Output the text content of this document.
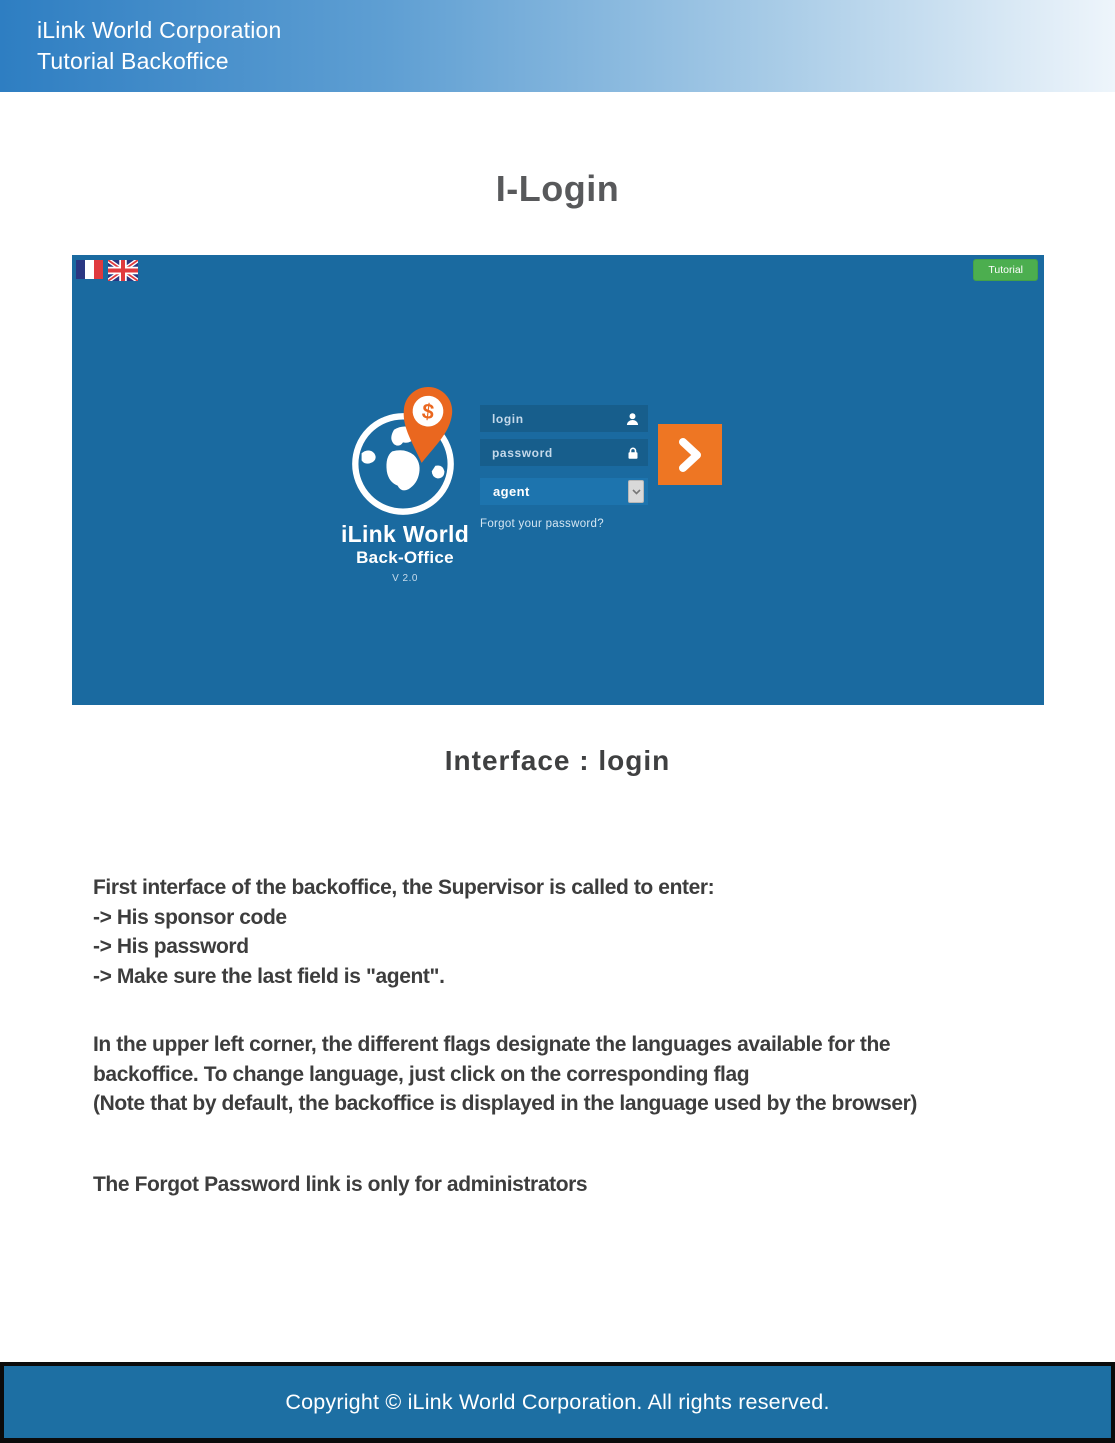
iLink World Corporation
Tutorial Backoffice
I-Login
Tutorial
$
iLink World
Back-Office
V 2.0
login
password
agent
Forgot your password?
Interface : login

First interface of the backoffice, the Supervisor is called to enter:

-> His sponsor code

-> His password

-> Make sure the last field is "agent".

In the upper left corner, the different flags designate the languages available for the

backoffice. To change language, just click on the corresponding flag

(Note that by default, the backoffice is displayed in the language used by the browser)

The Forgot Password link is only for administrators

Copyright © iLink World Corporation. All rights reserved.
